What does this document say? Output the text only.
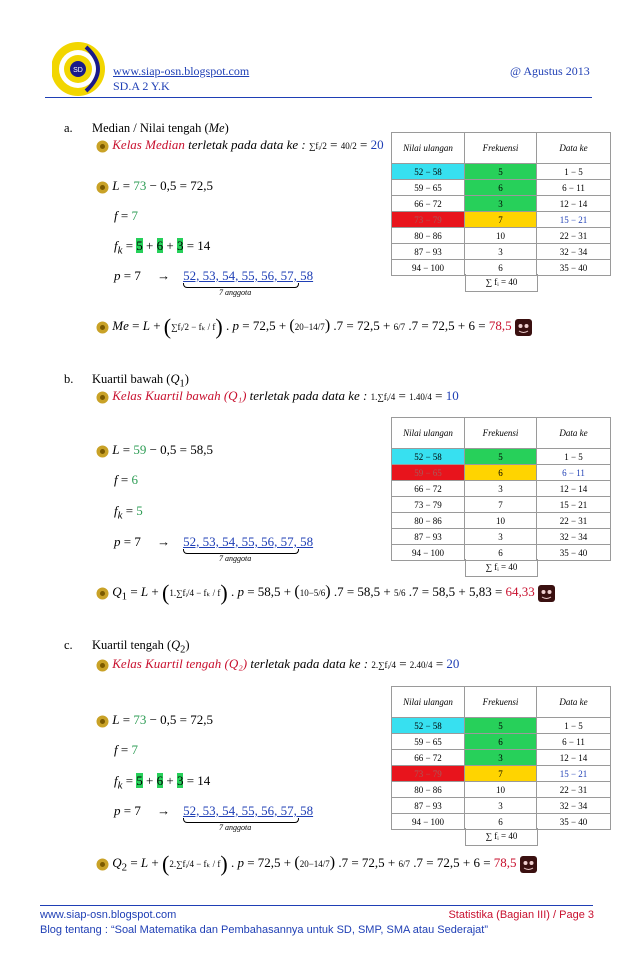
SD	www.siap-osn.blogspot.com
SD.A 2 Y.K
@ Agustus 2013
a. Median / Nilai tengah (Me)
Kelas Median terletak pada data ke : ∑fᵢ/2 = 40/2 = 20
L = 73 − 0,5 = 72,5
f = 7
$f_k = 5 + 6 + 3 = 14$
p = 7     →    52, 53, 54, 55, 56, 57, 58
7 anggota
Me = L + (∑fᵢ/2 − fₖ / f) . p = 72,5 + (20−14/7) .7 = 72,5 + 6/7 .7 = 72,5 + 6 = 78,5
Nilai ulangan	Frekuensi	Data ke
52 − 58	5	1 − 5
59 − 65	6	6 − 11
66 − 72	3	12 − 14
73 − 79	7	15 − 21
80 − 86	10	22 − 31
87 − 93	3	32 − 34
94 − 100	6	35 − 40
∑ fᵢ = 40
b. Kuartil bawah $(Q_1)$
Kelas Kuartil bawah (Q₁) terletak pada data ke : 1.∑fᵢ/4 = 1.40/4 = 10
L = 59 − 0,5 = 58,5
f = 6
$f_k = 5$
p = 7     →    52, 53, 54, 55, 56, 57, 58
7 anggota
$Q_1 = L$ + (1.∑fᵢ/4 − fₖ / f) . p = 58,5 + (10−5/6) .7 = 58,5 + 5/6 .7 = 58,5 + 5,83 = 64,33
Nilai ulangan	Frekuensi	Data ke
52 − 58	5	1 − 5
59 − 65	6	6 − 11
66 − 72	3	12 − 14
73 − 79	7	15 − 21
80 − 86	10	22 − 31
87 − 93	3	32 − 34
94 − 100	6	35 − 40
∑ fᵢ = 40
c. Kuartil tengah $(Q_2)$
Kelas Kuartil tengah (Q₂) terletak pada data ke : 2.∑fᵢ/4 = 2.40/4 = 20
L = 73 − 0,5 = 72,5
f = 7
$f_k = 5 + 6 + 3 = 14$
p = 7     →    52, 53, 54, 55, 56, 57, 58
7 anggota
$Q_2 = L$ + (2.∑fᵢ/4 − fₖ / f) . p = 72,5 + (20−14/7) .7 = 72,5 + 6/7 .7 = 72,5 + 6 = 78,5
Nilai ulangan	Frekuensi	Data ke
52 − 58	5	1 − 5
59 − 65	6	6 − 11
66 − 72	3	12 − 14
73 − 79	7	15 − 21
80 − 86	10	22 − 31
87 − 93	3	32 − 34
94 − 100	6	35 − 40
∑ fᵢ = 40
www.siap-osn.blogspot.com	Statistika (Bagian III) / Page 3
Blog tentang : “Soal Matematika dan Pembahasannya untuk SD, SMP, SMA atau Sederajat”
